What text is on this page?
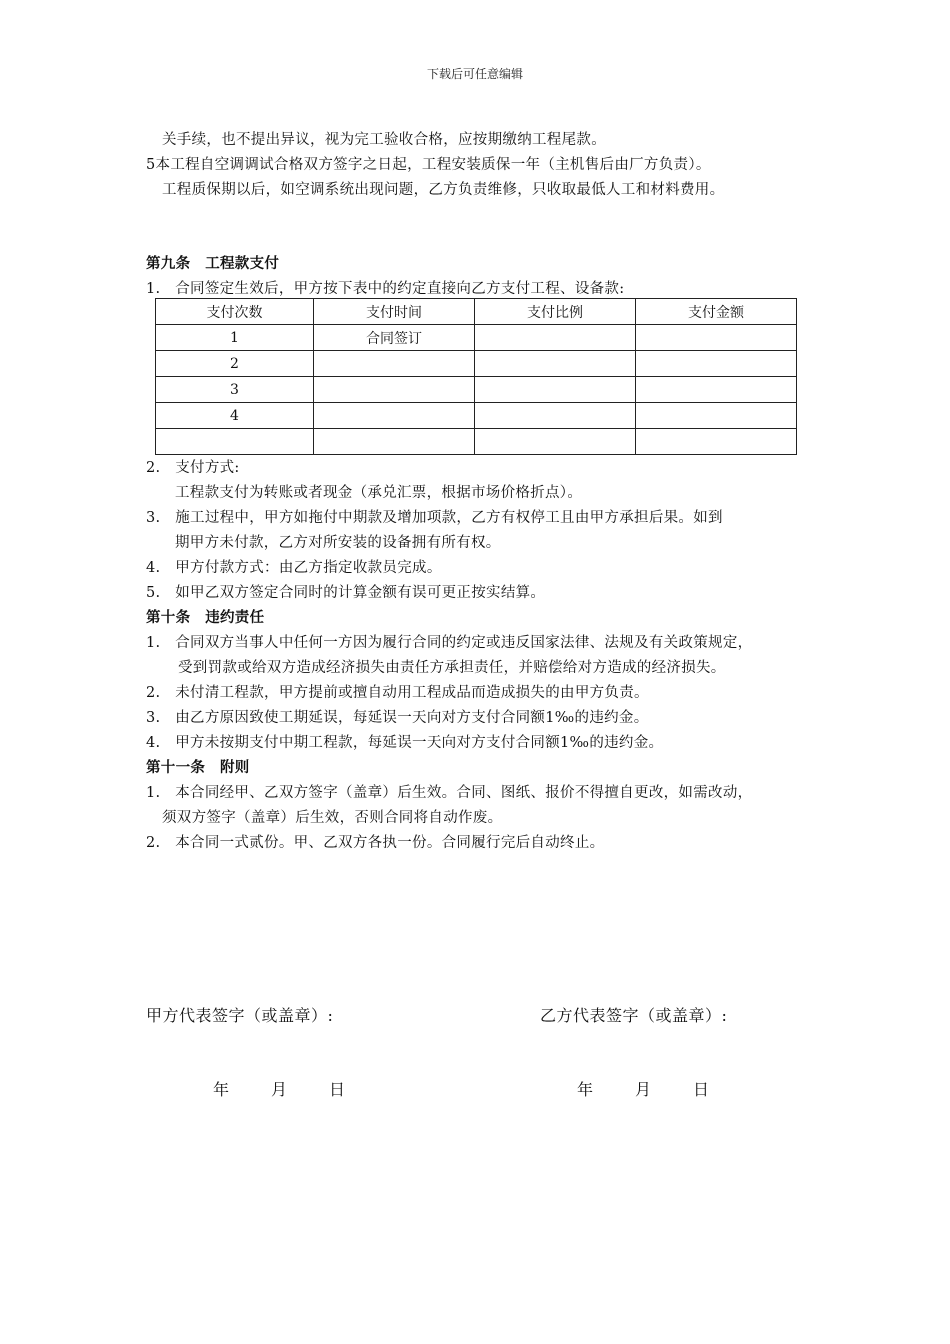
下载后可任意编辑
关手续，也不提出异议，视为完工验收合格，应按期缴纳工程尾款。
5本工程自空调调试合格双方签字之日起，工程安装质保一年（主机售后由厂方负责）。
工程质保期以后，如空调系统出现问题，乙方负责维修，只收取最低人工和材料费用。
第九条　工程款支付
1.　合同签定生效后，甲方按下表中的约定直接向乙方支付工程、设备款:
支付次数	支付时间	支付比例	支付金额
1	合同签订		
2			
3			
4			

2.　支付方式:
工程款支付为转账或者现金（承兑汇票，根据市场价格折点）。
3.　施工过程中，甲方如拖付中期款及增加项款，乙方有权停工且由甲方承担后果。如到
期甲方未付款，乙方对所安装的设备拥有所有权。
4.　甲方付款方式：由乙方指定收款员完成。
5.　如甲乙双方签定合同时的计算金额有误可更正按实结算。
第十条　违约责任
1.　合同双方当事人中任何一方因为履行合同的约定或违反国家法律、法规及有关政策规定，
受到罚款或给双方造成经济损失由责任方承担责任，并赔偿给对方造成的经济损失。
2.　未付清工程款，甲方提前或擅自动用工程成品而造成损失的由甲方负责。
3.　由乙方原因致使工期延误，每延误一天向对方支付合同额1‰的违约金。
4.　甲方未按期支付中期工程款，每延误一天向对方支付合同额1‰的违约金。
第十一条　附则
1.　本合同经甲、乙双方签字（盖章）后生效。合同、图纸、报价不得擅自更改，如需改动，
须双方签字（盖章）后生效，否则合同将自动作废。
2.　本合同一式贰份。甲、乙双方各执一份。合同履行完后自动终止。
甲方代表签字（或盖章）:	乙方代表签字（或盖章）:
年	月	日	年	月	日
